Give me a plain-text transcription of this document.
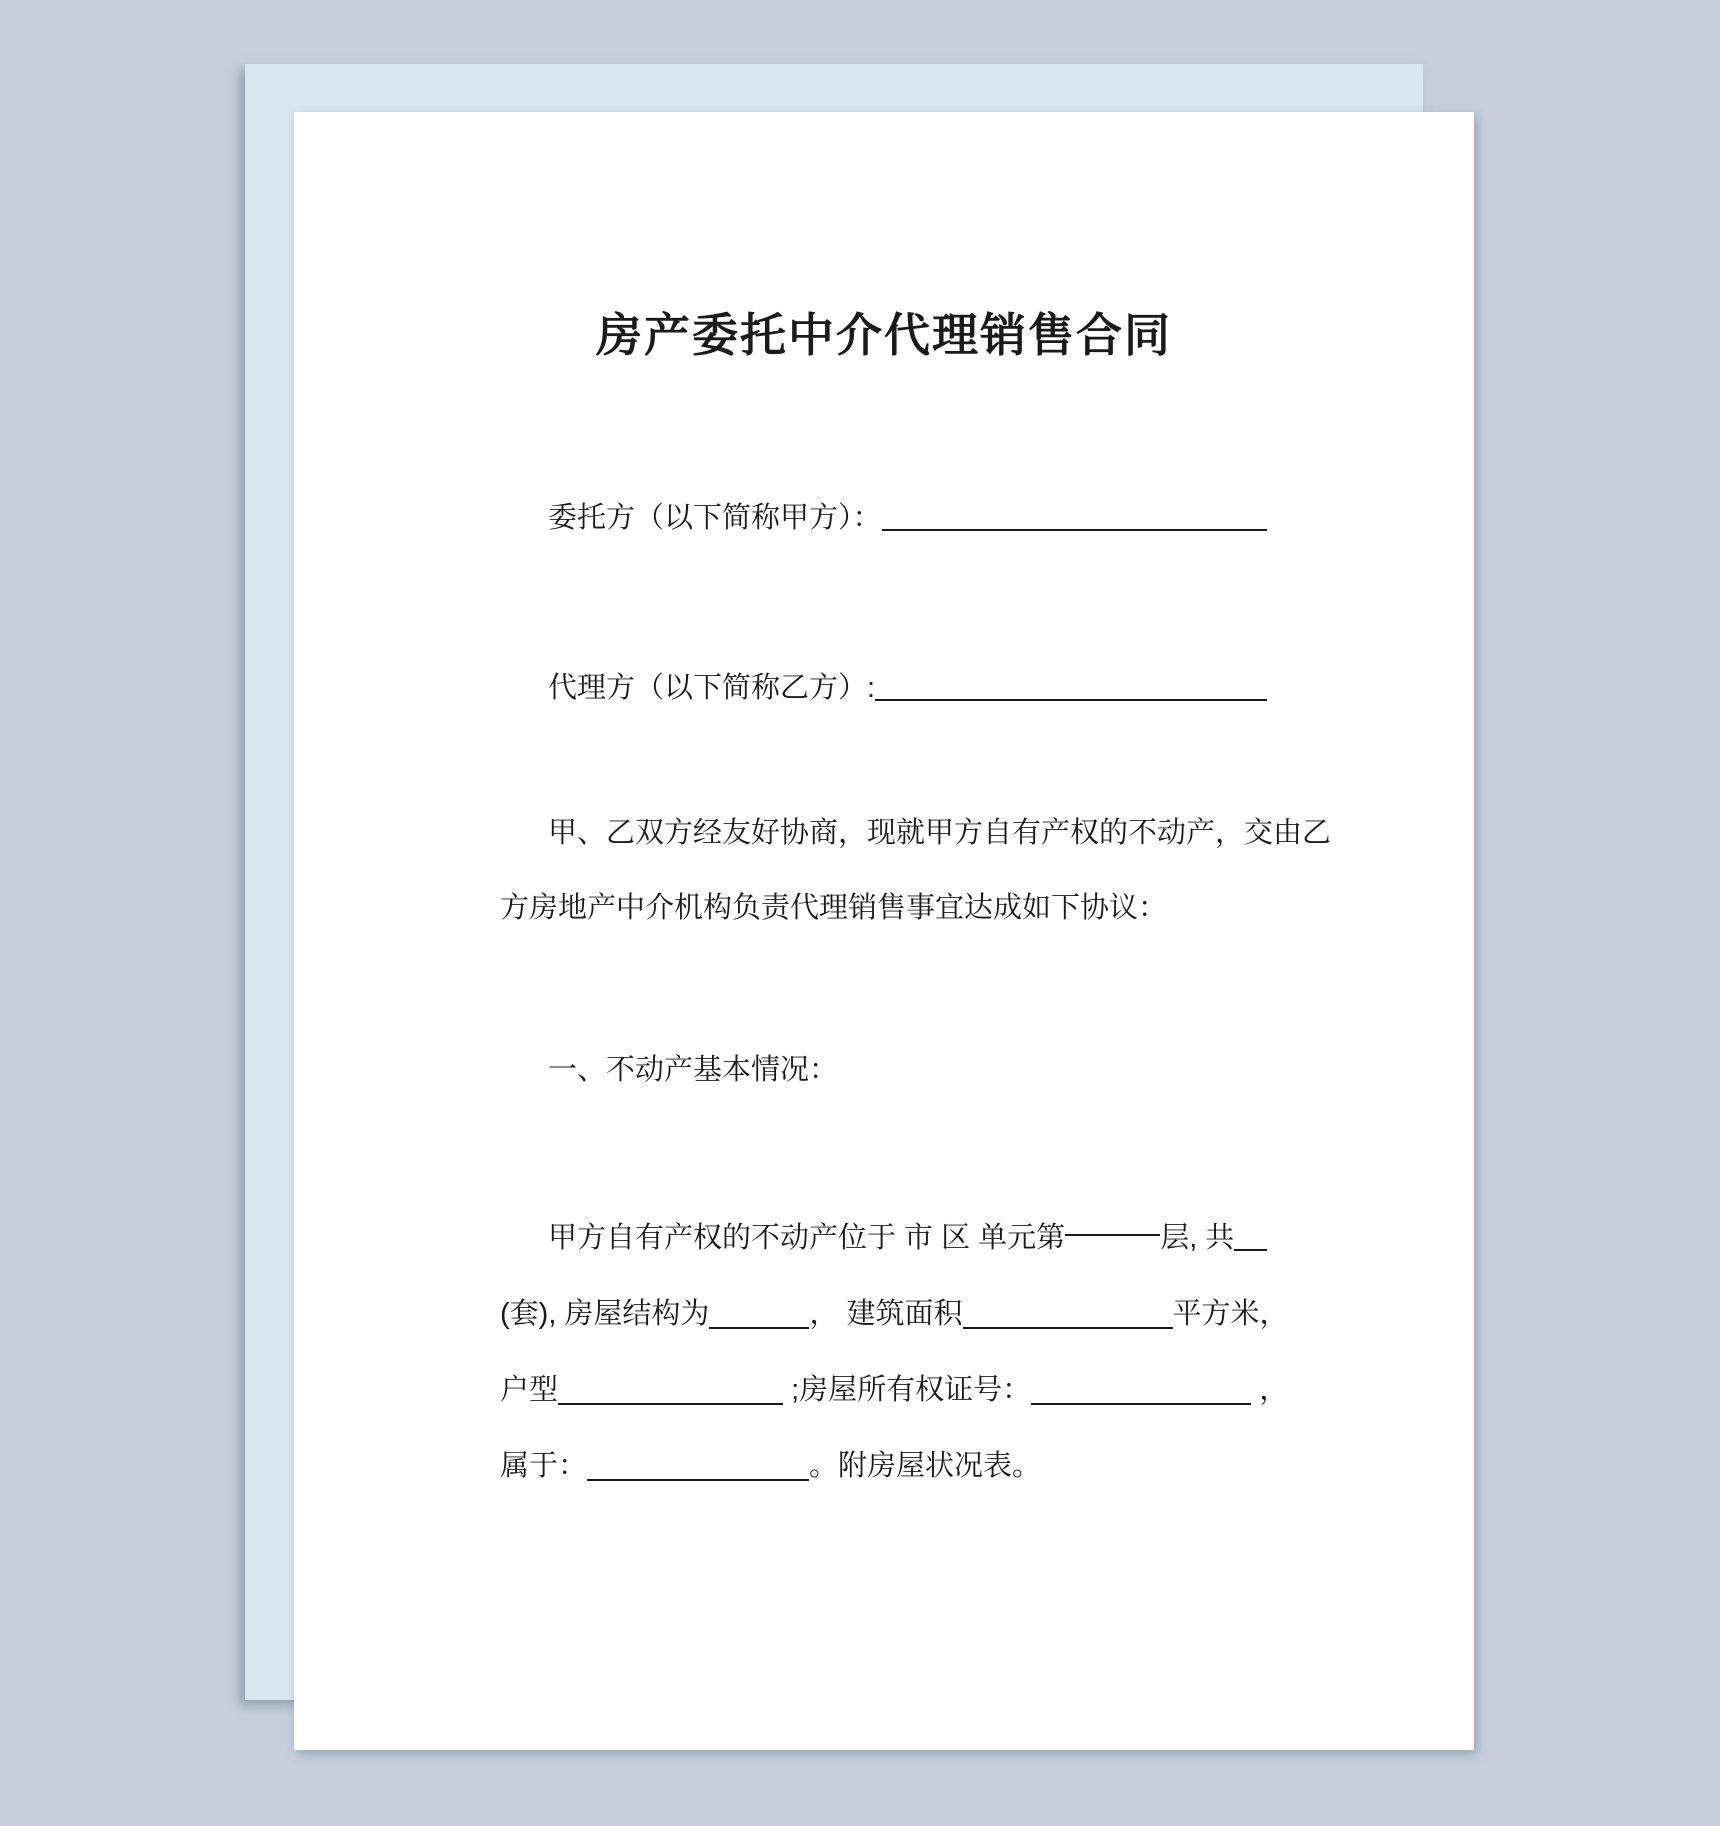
房产委托中介代理销售合同
委托方（以下简称甲方）：
代理方（以下简称乙方）:
甲、乙双方经友好协商，现就甲方自有产权的不动产，交由乙
方房地产中介机构负责代理销售事宜达成如下协议：
一、不动产基本情况：
甲方自有产权的不动产位于 市 区 单元第	层, 共
(套), 房屋结构为	， 建筑面积	平方米，
户型	;房屋所有权证号：	，
属于：	。附房屋状况表。
